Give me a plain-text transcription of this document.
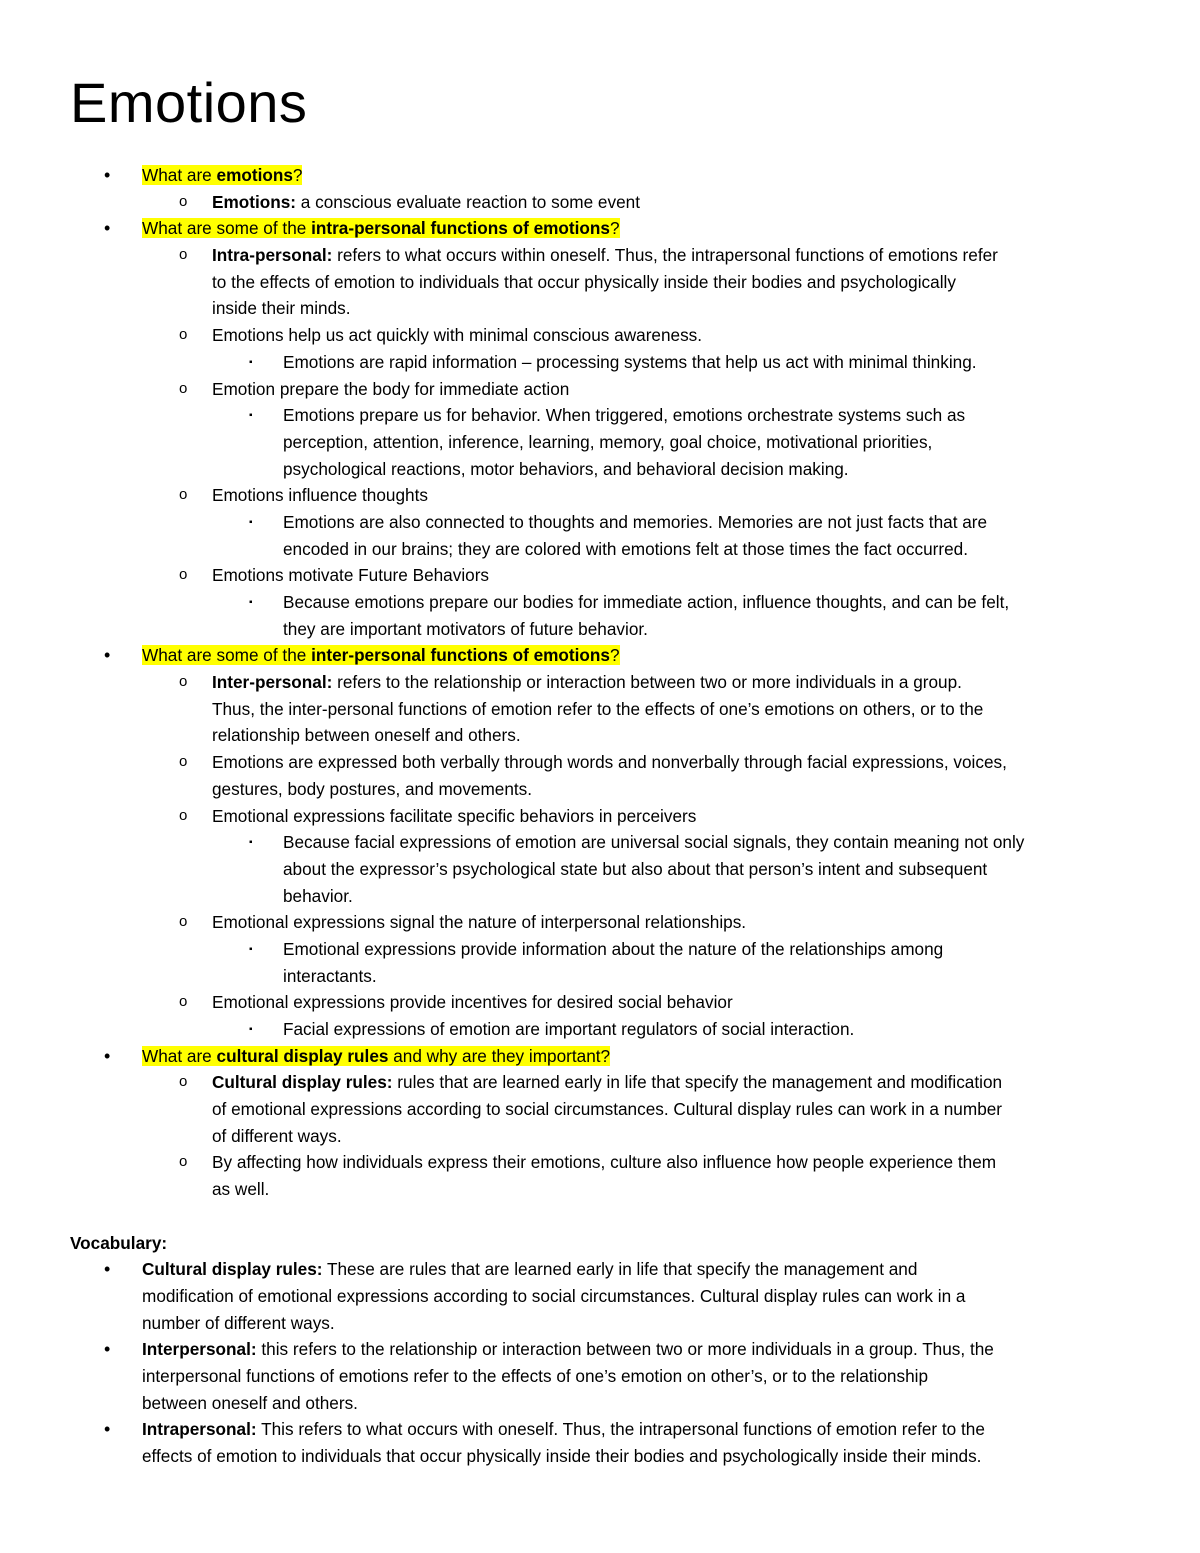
Emotions
• What are emotions?
o Emotions: a conscious evaluate reaction to some event
• What are some of the intra-personal functions of emotions?
o Intra-personal: refers to what occurs within oneself. Thus, the intrapersonal functions of emotions refer
to the effects of emotion to individuals that occur physically inside their bodies and psychologically
inside their minds.
o Emotions help us act quickly with minimal conscious awareness.
▪ Emotions are rapid information – processing systems that help us act with minimal thinking.
o Emotion prepare the body for immediate action
▪ Emotions prepare us for behavior. When triggered, emotions orchestrate systems such as
perception, attention, inference, learning, memory, goal choice, motivational priorities,
psychological reactions, motor behaviors, and behavioral decision making.
o Emotions influence thoughts
▪ Emotions are also connected to thoughts and memories. Memories are not just facts that are
encoded in our brains; they are colored with emotions felt at those times the fact occurred.
o Emotions motivate Future Behaviors
▪ Because emotions prepare our bodies for immediate action, influence thoughts, and can be felt,
they are important motivators of future behavior.
• What are some of the inter-personal functions of emotions?
o Inter-personal: refers to the relationship or interaction between two or more individuals in a group.
Thus, the inter-personal functions of emotion refer to the effects of one’s emotions on others, or to the
relationship between oneself and others.
o Emotions are expressed both verbally through words and nonverbally through facial expressions, voices,
gestures, body postures, and movements.
o Emotional expressions facilitate specific behaviors in perceivers
▪ Because facial expressions of emotion are universal social signals, they contain meaning not only
about the expressor’s psychological state but also about that person’s intent and subsequent
behavior.
o Emotional expressions signal the nature of interpersonal relationships.
▪ Emotional expressions provide information about the nature of the relationships among
interactants.
o Emotional expressions provide incentives for desired social behavior
▪ Facial expressions of emotion are important regulators of social interaction.
• What are cultural display rules and why are they important?
o Cultural display rules: rules that are learned early in life that specify the management and modification
of emotional expressions according to social circumstances. Cultural display rules can work in a number
of different ways.
o By affecting how individuals express their emotions, culture also influence how people experience them
as well.
Vocabulary:
• Cultural display rules: These are rules that are learned early in life that specify the management and
modification of emotional expressions according to social circumstances. Cultural display rules can work in a
number of different ways.
• Interpersonal: this refers to the relationship or interaction between two or more individuals in a group. Thus, the
interpersonal functions of emotions refer to the effects of one’s emotion on other’s, or to the relationship
between oneself and others.
• Intrapersonal: This refers to what occurs with oneself. Thus, the intrapersonal functions of emotion refer to the
effects of emotion to individuals that occur physically inside their bodies and psychologically inside their minds.
